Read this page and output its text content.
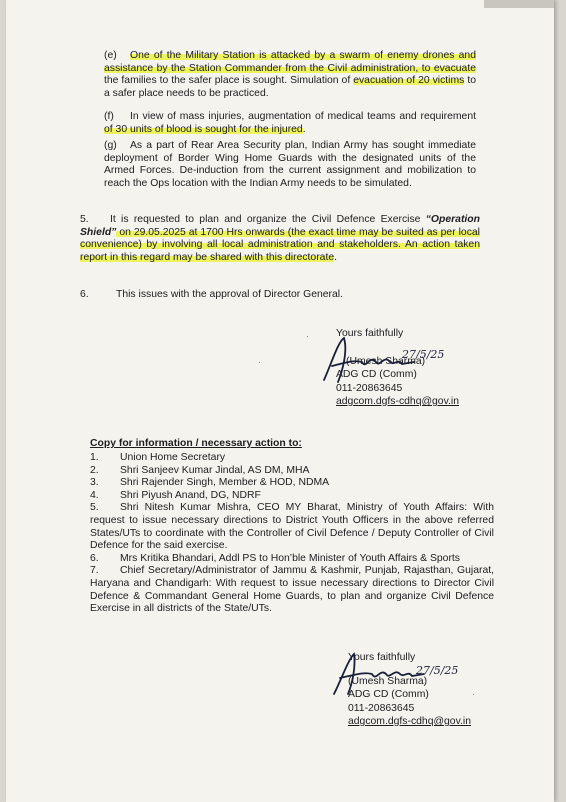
(e) One of the Military Station is attacked by a swarm of enemy drones and assistance by the Station Commander from the Civil administration, to evacuate the families to the safer place is sought. Simulation of evacuation of 20 victims to a safer place needs to be practiced.
(f) In view of mass injuries, augmentation of medical teams and requirement of 30 units of blood is sought for the injured.
(g) As a part of Rear Area Security plan, Indian Army has sought immediate deployment of Border Wing Home Guards with the designated units of the Armed Forces. De-induction from the current assignment and mobilization to reach the Ops location with the Indian Army needs to be simulated.
5. It is requested to plan and organize the Civil Defence Exercise “Operation Shield” on 29.05.2025 at 1700 Hrs onwards (the exact time may be suited as per local convenience) by involving all local administration and stakeholders. An action taken report in this regard may be shared with this directorate.
6.	This issues with the approval of Director General.
Yours faithfully
(Umesh Sharma)
ADG CD (Comm)
011-20863645
adgcom.dgfs-cdhq@gov.in
27/5/25
Copy for information / necessary action to:
1. Union Home Secretary
2. Shri Sanjeev Kumar Jindal, AS DM, MHA
3. Shri Rajender Singh, Member & HOD, NDMA
4. Shri Piyush Anand, DG, NDRF
5. Shri Nitesh Kumar Mishra, CEO MY Bharat, Ministry of Youth Affairs: With request to issue necessary directions to District Youth Officers in the above referred States/UTs to coordinate with the Controller of Civil Defence / Deputy Controller of Civil Defence for the said exercise.
6. Mrs Kritika Bhandari, Addl PS to Hon’ble Minister of Youth Affairs & Sports
7. Chief Secretary/Administrator of Jammu & Kashmir, Punjab, Rajasthan, Gujarat, Haryana and Chandigarh: With request to issue necessary directions to Director Civil Defence & Commandant General Home Guards, to plan and organize Civil Defence Exercise in all districts of the State/UTs.
Yours faithfully
(Umesh Sharma)
ADG CD (Comm)
011-20863645
adgcom.dgfs-cdhq@gov.in
27/5/25
·
·
·
